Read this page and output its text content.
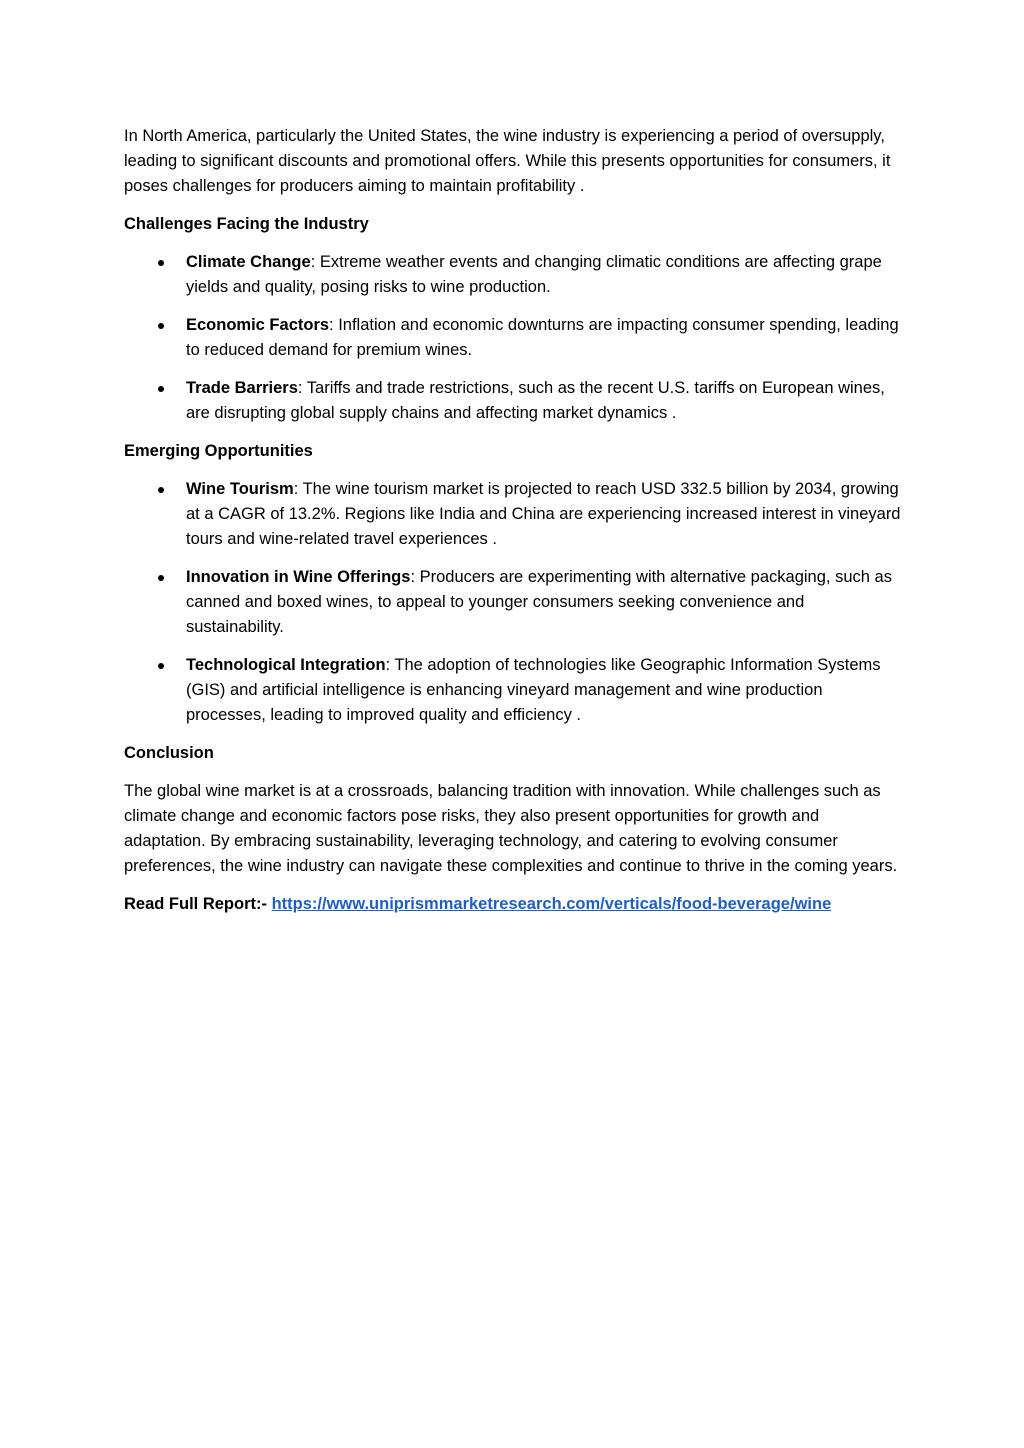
In North America, particularly the United States, the wine industry is experiencing a period of oversupply, leading to significant discounts and promotional offers. While this presents opportunities for consumers, it poses challenges for producers aiming to maintain profitability .

Challenges Facing the Industry

Climate Change: Extreme weather events and changing climatic conditions are affecting grape yields and quality, posing risks to wine production.
Economic Factors: Inflation and economic downturns are impacting consumer spending, leading to reduced demand for premium wines.
Trade Barriers: Tariffs and trade restrictions, such as the recent U.S. tariffs on European wines, are disrupting global supply chains and affecting market dynamics .

Emerging Opportunities

Wine Tourism: The wine tourism market is projected to reach USD 332.5 billion by 2034, growing at a CAGR of 13.2%. Regions like India and China are experiencing increased interest in vineyard tours and wine-related travel experiences .
Innovation in Wine Offerings: Producers are experimenting with alternative packaging, such as canned and boxed wines, to appeal to younger consumers seeking convenience and sustainability.
Technological Integration: The adoption of technologies like Geographic Information Systems (GIS) and artificial intelligence is enhancing vineyard management and wine production processes, leading to improved quality and efficiency .

Conclusion

The global wine market is at a crossroads, balancing tradition with innovation. While challenges such as climate change and economic factors pose risks, they also present opportunities for growth and adaptation. By embracing sustainability, leveraging technology, and catering to evolving consumer preferences, the wine industry can navigate these complexities and continue to thrive in the coming years.

Read Full Report:- https://www.uniprismmarketresearch.com/verticals/food-beverage/wine
